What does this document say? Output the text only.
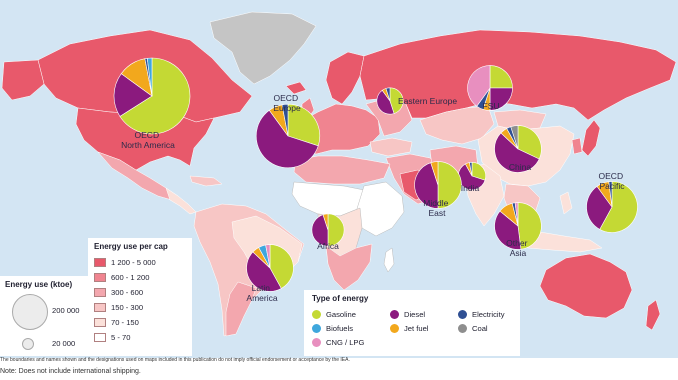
OECD North America
OECD Europe
Eastern Europe	FSU
China
India
Middle East
Africa
Latin America
Other Asia
OECD Pacific
Energy use per cap
1 200 - 5 000
600 - 1 200
300 - 600
150 - 300
70 - 150
5 - 70
Energy use (ktoe)
200 000
20 000
Type of energy
Gasoline	Diesel	Electricity
Biofuels	Jet fuel	Coal
CNG / LPG
The boundaries and names shown and the designations used on maps included in this publication do not imply official endorsement or acceptance by the IEA.
Note: Does not include international shipping.
